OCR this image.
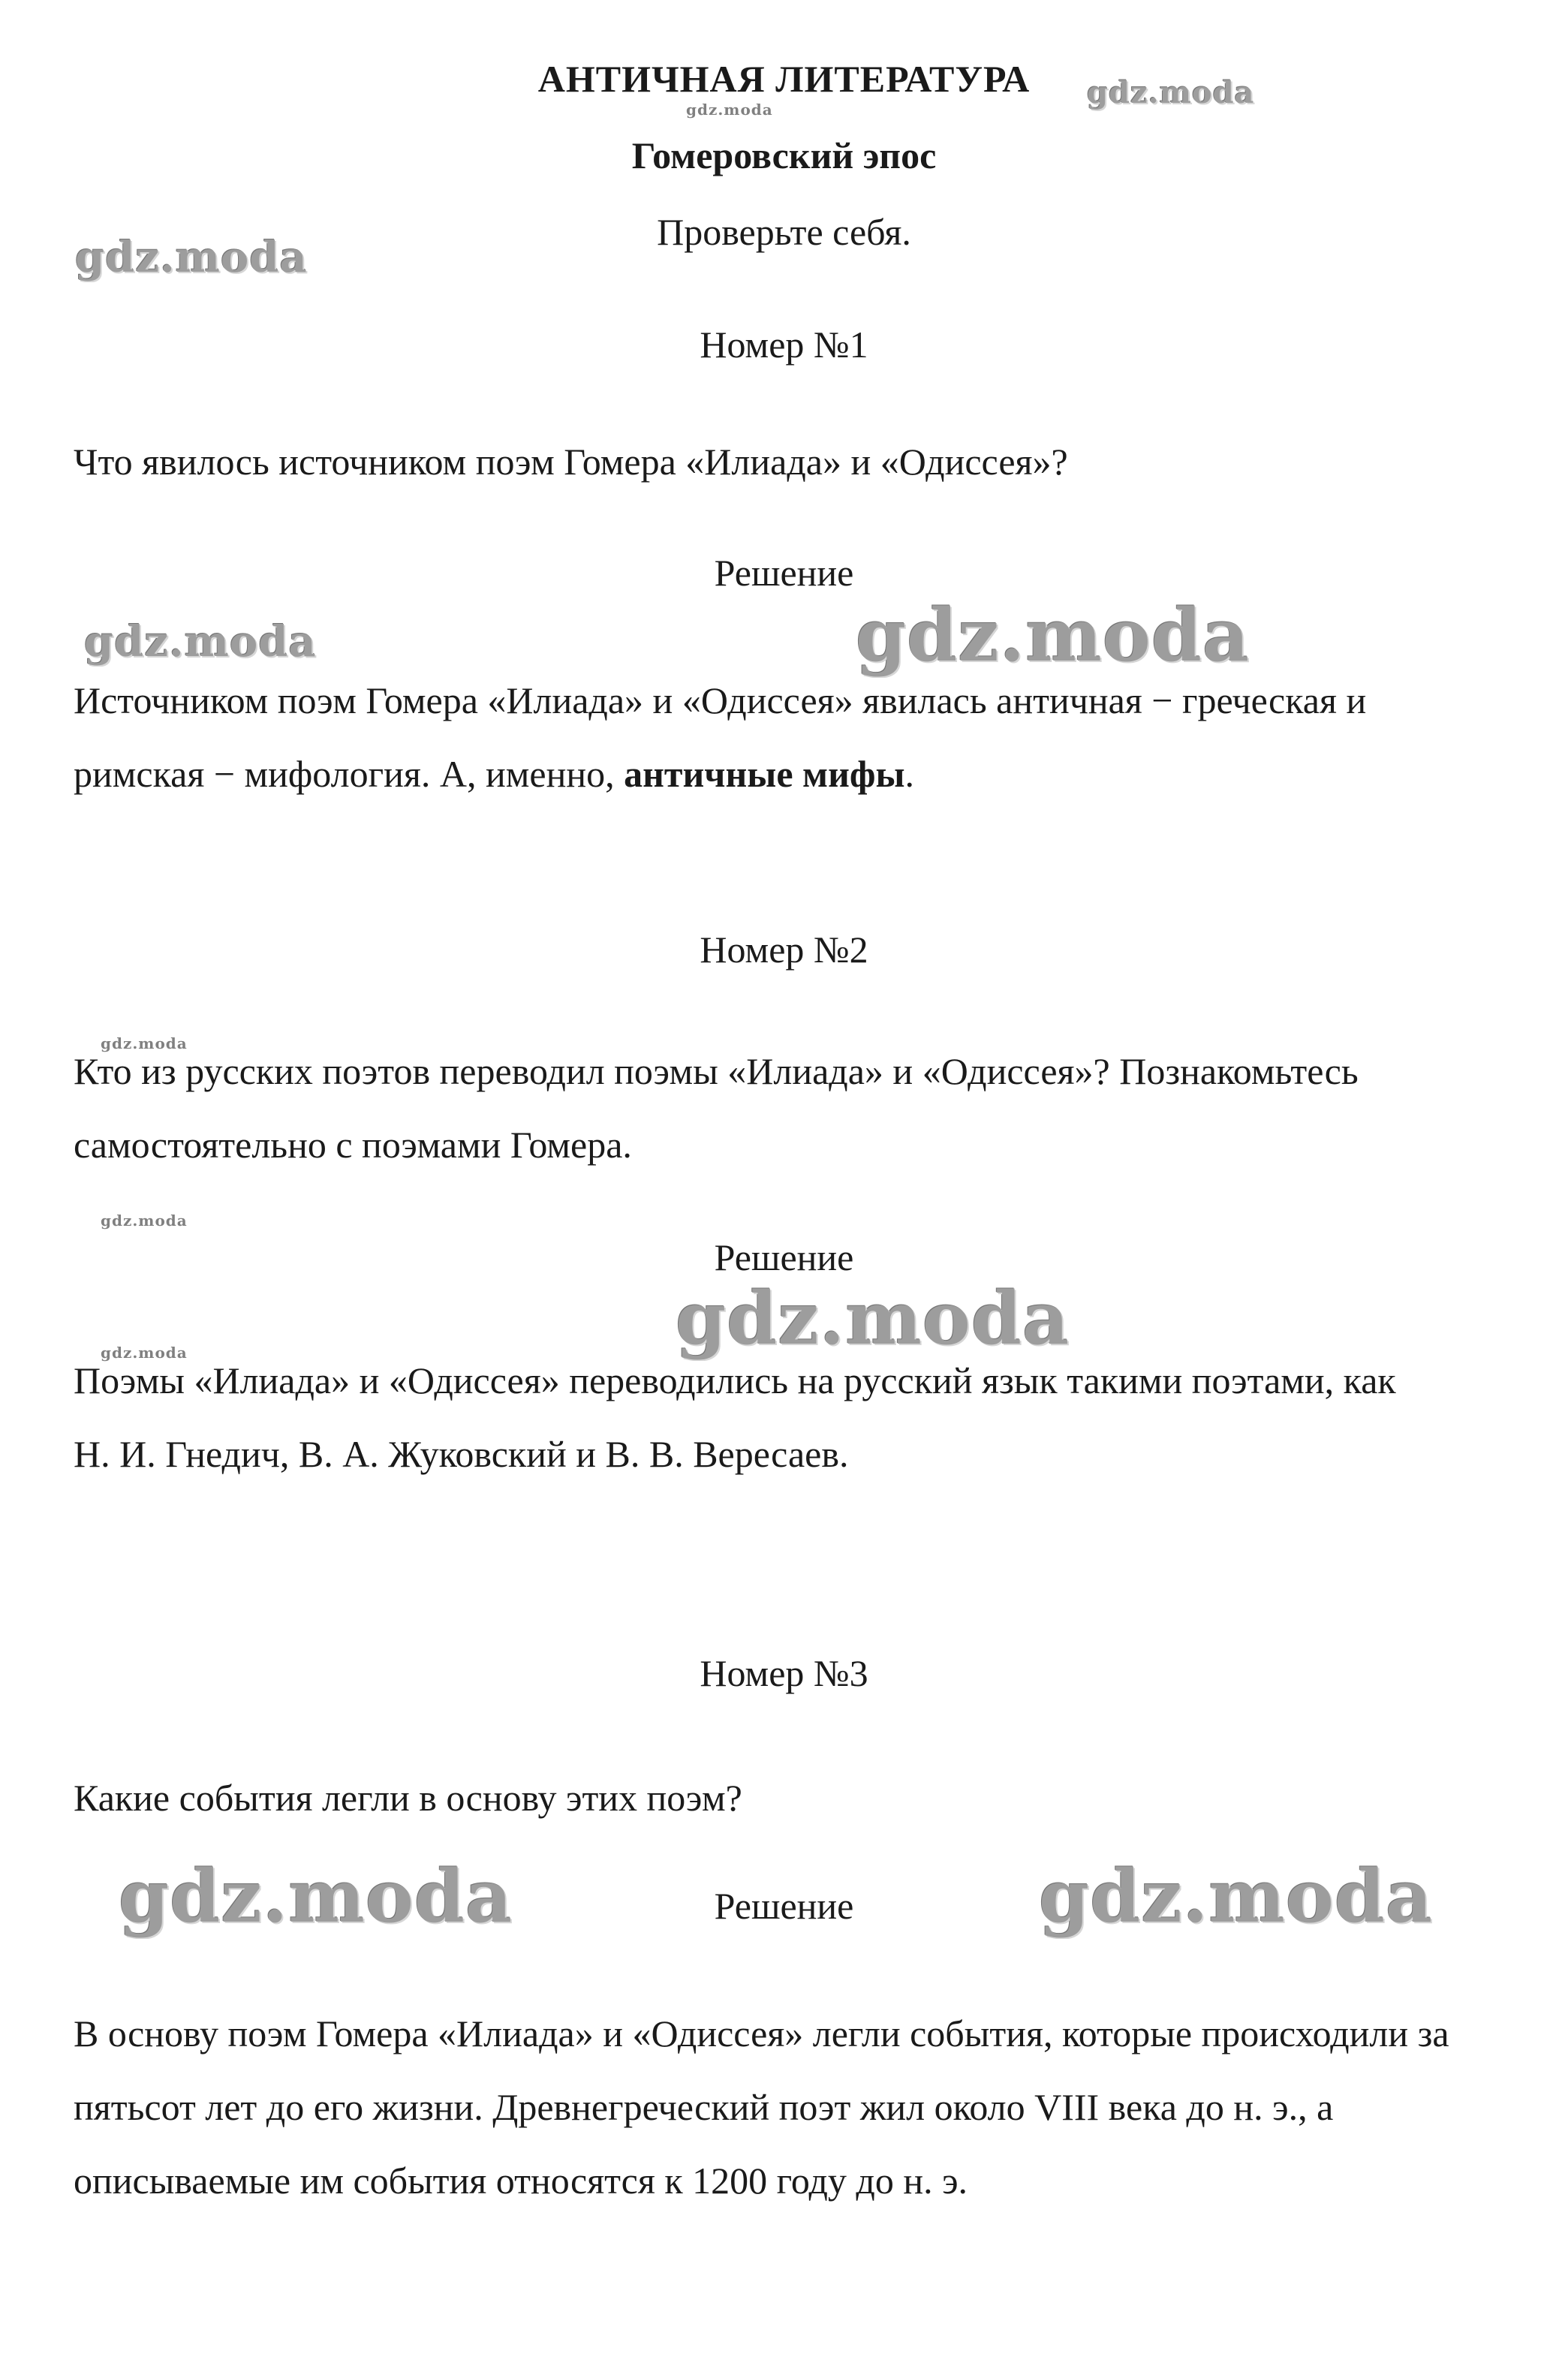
АНТИЧНАЯ ЛИТЕРАТУРА
Гомеровский эпос

Проверьте себя.

Номер №1

Что явилось источником поэм Гомера «Илиада» и «Одиссея»?

Решение

Источником поэм Гомера «Илиада» и «Одиссея» явилась античная − греческая и римская − мифология. А, именно, античные мифы.

Номер №2

Кто из русских поэтов переводил поэмы «Илиада» и «Одиссея»? Познакомьтесь самостоятельно с поэмами Гомера.

Решение

Поэмы «Илиада» и «Одиссея» переводились на русский язык такими поэтами, как Н. И. Гнедич, В. А. Жуковский и В. В. Вересаев.

Номер №3

Какие события легли в основу этих поэм?

Решение

В основу поэм Гомера «Илиада» и «Одиссея» легли события, которые происходили за пятьсот лет до его жизни. Древнегреческий поэт жил около VIII века до н. э., а описываемые им события относятся к 1200 году до н. э.

gdz.moda
gdz.moda
gdz.moda
gdz.moda	gdz.moda
gdz.moda
gdz.moda
gdz.moda
gdz.moda
gdz.moda	gdz.moda
